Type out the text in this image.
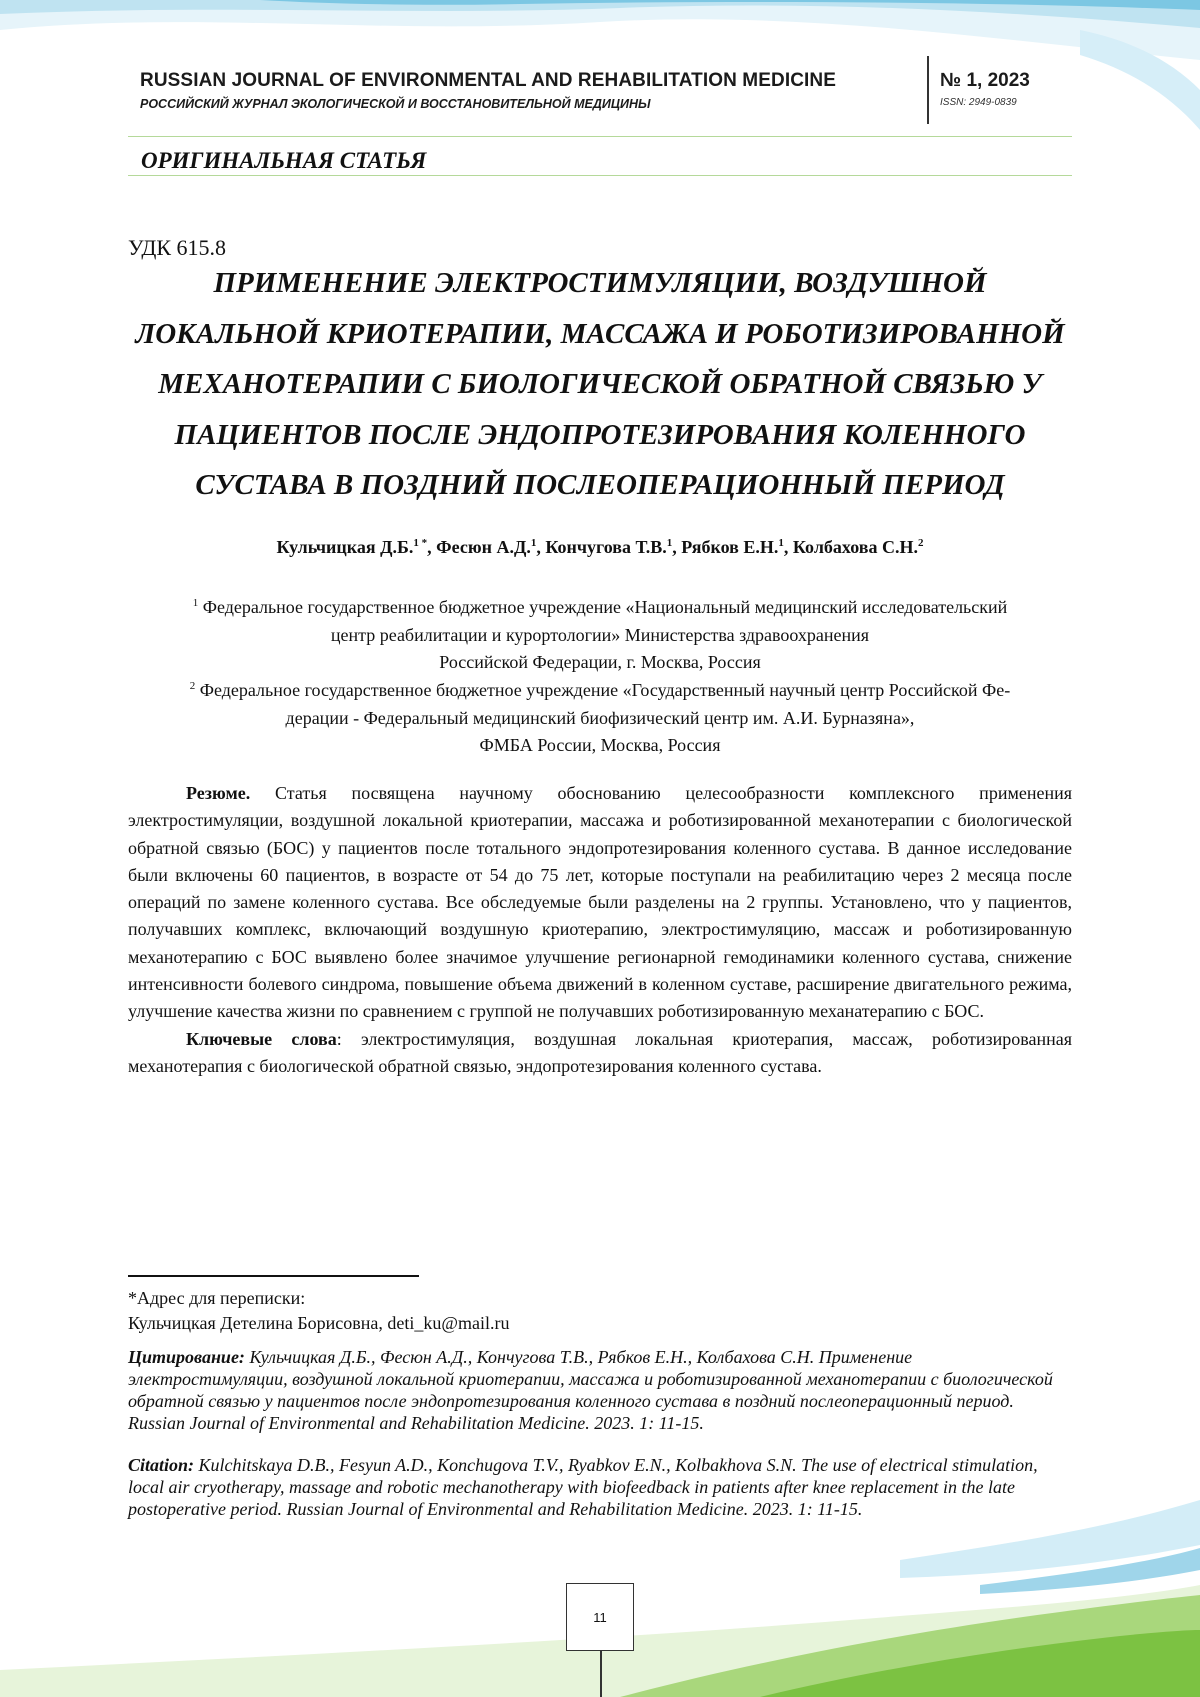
RUSSIAN JOURNAL OF ENVIRONMENTAL AND REHABILITATION MEDICINE
РОССИЙСКИЙ ЖУРНАЛ ЭКОЛОГИЧЕСКОЙ И ВОССТАНОВИТЕЛЬНОЙ МЕДИЦИНЫ
№ 1, 2023
ISSN: 2949-0839
ОРИГИНАЛЬНАЯ СТАТЬЯ
УДК 615.8
ПРИМЕНЕНИЕ ЭЛЕКТРОСТИМУЛЯЦИИ, ВОЗДУШНОЙ ЛОКАЛЬНОЙ КРИОТЕРАПИИ, МАССАЖА И РОБОТИЗИРОВАННОЙ МЕХАНОТЕРАПИИ С БИОЛОГИЧЕСКОЙ ОБРАТНОЙ СВЯЗЬЮ У ПАЦИЕНТОВ ПОСЛЕ ЭНДОПРОТЕЗИРОВАНИЯ КОЛЕННОГО СУСТАВА В ПОЗДНИЙ ПОСЛЕОПЕРАЦИОННЫЙ ПЕРИОД
Кульчицкая Д.Б.$^{1 *}$, Фесюн А.Д.$^1$, Кончугова Т.В.$^1$, Рябков Е.Н.$^1$, Колбахова С.Н.$^2$
$^1$ Федеральное государственное бюджетное учреждение «Национальный медицинский исследовательский
центр реабилитации и курортологии» Министерства здравоохранения
Российской Федерации, г. Москва, Россия
$^2$ Федеральное государственное бюджетное учреждение «Государственный научный центр Российской Фе-
дерации - Федеральный медицинский биофизический центр им. А.И. Бурназяна»,
ФМБА России, Москва, Россия

Резюме. Статья посвящена научному обоснованию целесообразности комплексного применения электростимуляции, воздушной локальной криотерапии, массажа и роботизированной механотерапии с биологической обратной связью (БОС) у пациентов после тотального эндопротезирования коленного сустава. В данное исследование были включены 60 пациентов, в возрасте от 54 до 75 лет, которые поступали на реабилитацию через 2 месяца после операций по замене коленного сустава. Все обследуемые были разделены на 2 группы. Установлено, что у пациентов, получавших комплекс, включающий воздушную криотерапию, электростимуляцию, массаж и роботизированную механотерапию с БОС выявлено более значимое улучшение регионарной гемодинамики коленного сустава, снижение интенсивности болевого синдрома, повышение объема движений в коленном суставе, расширение двигательного режима, улучшение качества жизни по сравнением с группой не получавших роботизированную механатерапию с БОС.

Ключевые слова: электростимуляция, воздушная локальная криотерапия, массаж, роботизированная механотерапия с биологической обратной связью, эндопротезирования коленного сустава.

*Адрес для переписки:
Кульчицкая Детелина Борисовна, deti_ku@mail.ru
Цитирование: Кульчицкая Д.Б., Фесюн А.Д., Кончугова Т.В., Рябков Е.Н., Колбахова С.Н. Применение электростимуляции, воздушной локальной криотерапии, массажа и роботизированной механотерапии с биологической обратной связью у пациентов после эндопротезирования коленного сустава в поздний послеоперационный период. Russian Journal of Environmental and Rehabilitation Medicine. 2023. 1: 11-15.
Citation: Kulchitskaya D.B., Fesyun A.D., Konchugova T.V., Ryabkov E.N., Kolbakhova S.N. The use of electrical stimulation, local air cryotherapy, massage and robotic mechanotherapy with biofeedback in patients after knee replacement in the late postoperative period. Russian Journal of Environmental and Rehabilitation Medicine. 2023. 1: 11-15.
11
